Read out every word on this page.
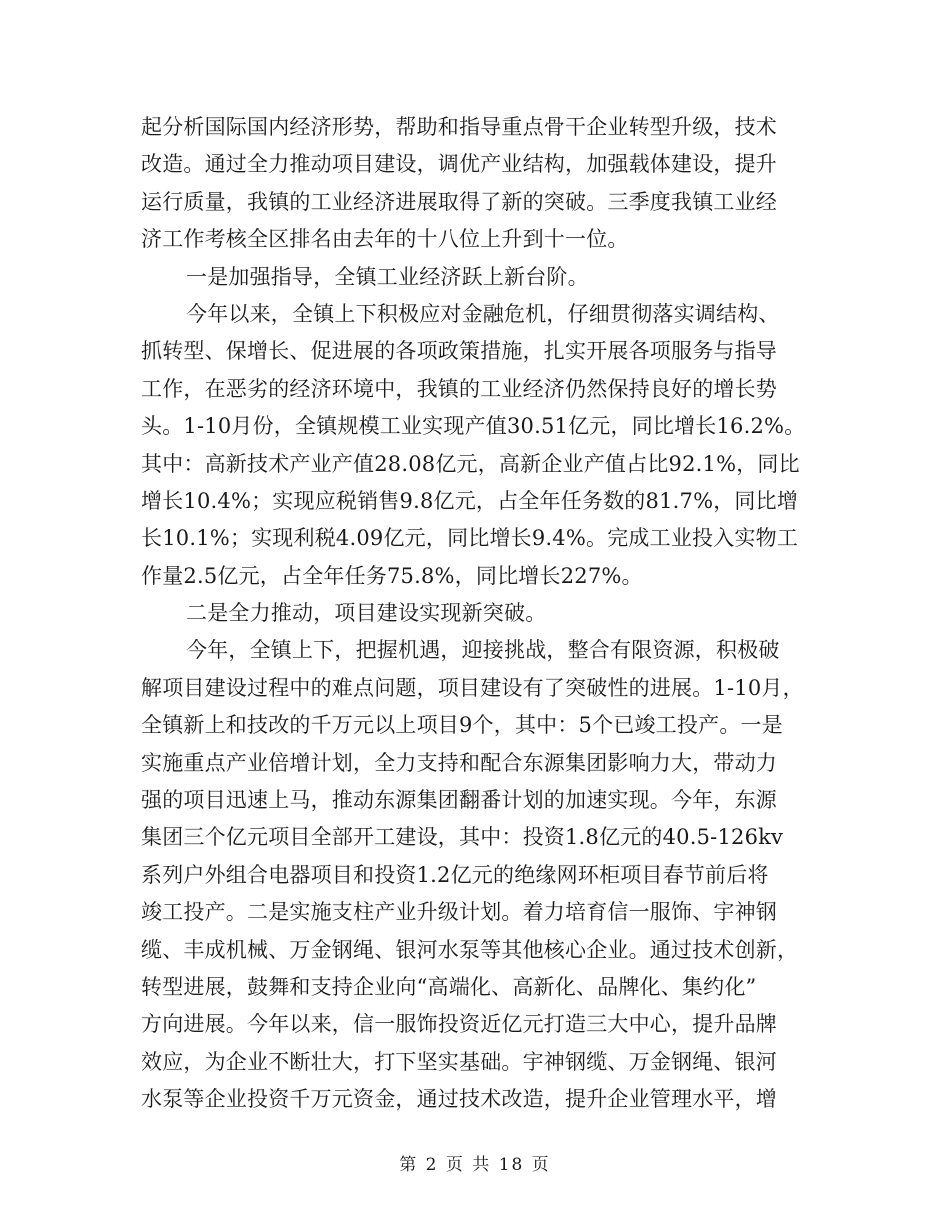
起分析国际国内经济形势，帮助和指导重点骨干企业转型升级，技术
改造。通过全力推动项目建设，调优产业结构，加强载体建设，提升
运行质量，我镇的工业经济进展取得了新的突破。三季度我镇工业经
济工作考核全区排名由去年的十八位上升到十一位。
一是加强指导，全镇工业经济跃上新台阶。
今年以来，全镇上下积极应对金融危机，仔细贯彻落实调结构、
抓转型、保增长、促进展的各项政策措施，扎实开展各项服务与指导
工作，在恶劣的经济环境中，我镇的工业经济仍然保持良好的增长势
头。1-10月份，全镇规模工业实现产值30.51亿元，同比增长16.2%。
其中：高新技术产业产值28.08亿元，高新企业产值占比92.1%，同比
增长10.4%；实现应税销售9.8亿元，占全年任务数的81.7%，同比增
长10.1%；实现利税4.09亿元，同比增长9.4%。完成工业投入实物工
作量2.5亿元，占全年任务75.8%，同比增长227%。
二是全力推动，项目建设实现新突破。
今年，全镇上下，把握机遇，迎接挑战，整合有限资源，积极破
解项目建设过程中的难点问题，项目建设有了突破性的进展。1-10月，
全镇新上和技改的千万元以上项目9个，其中：5个已竣工投产。一是
实施重点产业倍增计划，全力支持和配合东源集团影响力大，带动力
强的项目迅速上马，推动东源集团翻番计划的加速实现。今年，东源
集团三个亿元项目全部开工建设，其中：投资1.8亿元的40.5-126kv
系列户外组合电器项目和投资1.2亿元的绝缘网环柜项目春节前后将
竣工投产。二是实施支柱产业升级计划。着力培育信一服饰、宇神钢
缆、丰成机械、万金钢绳、银河水泵等其他核心企业。通过技术创新，
转型进展，鼓舞和支持企业向“高端化、高新化、品牌化、集约化”
方向进展。今年以来，信一服饰投资近亿元打造三大中心，提升品牌
效应，为企业不断壮大，打下坚实基础。宇神钢缆、万金钢绳、银河
水泵等企业投资千万元资金，通过技术改造，提升企业管理水平，增
第 2 页 共 18 页
